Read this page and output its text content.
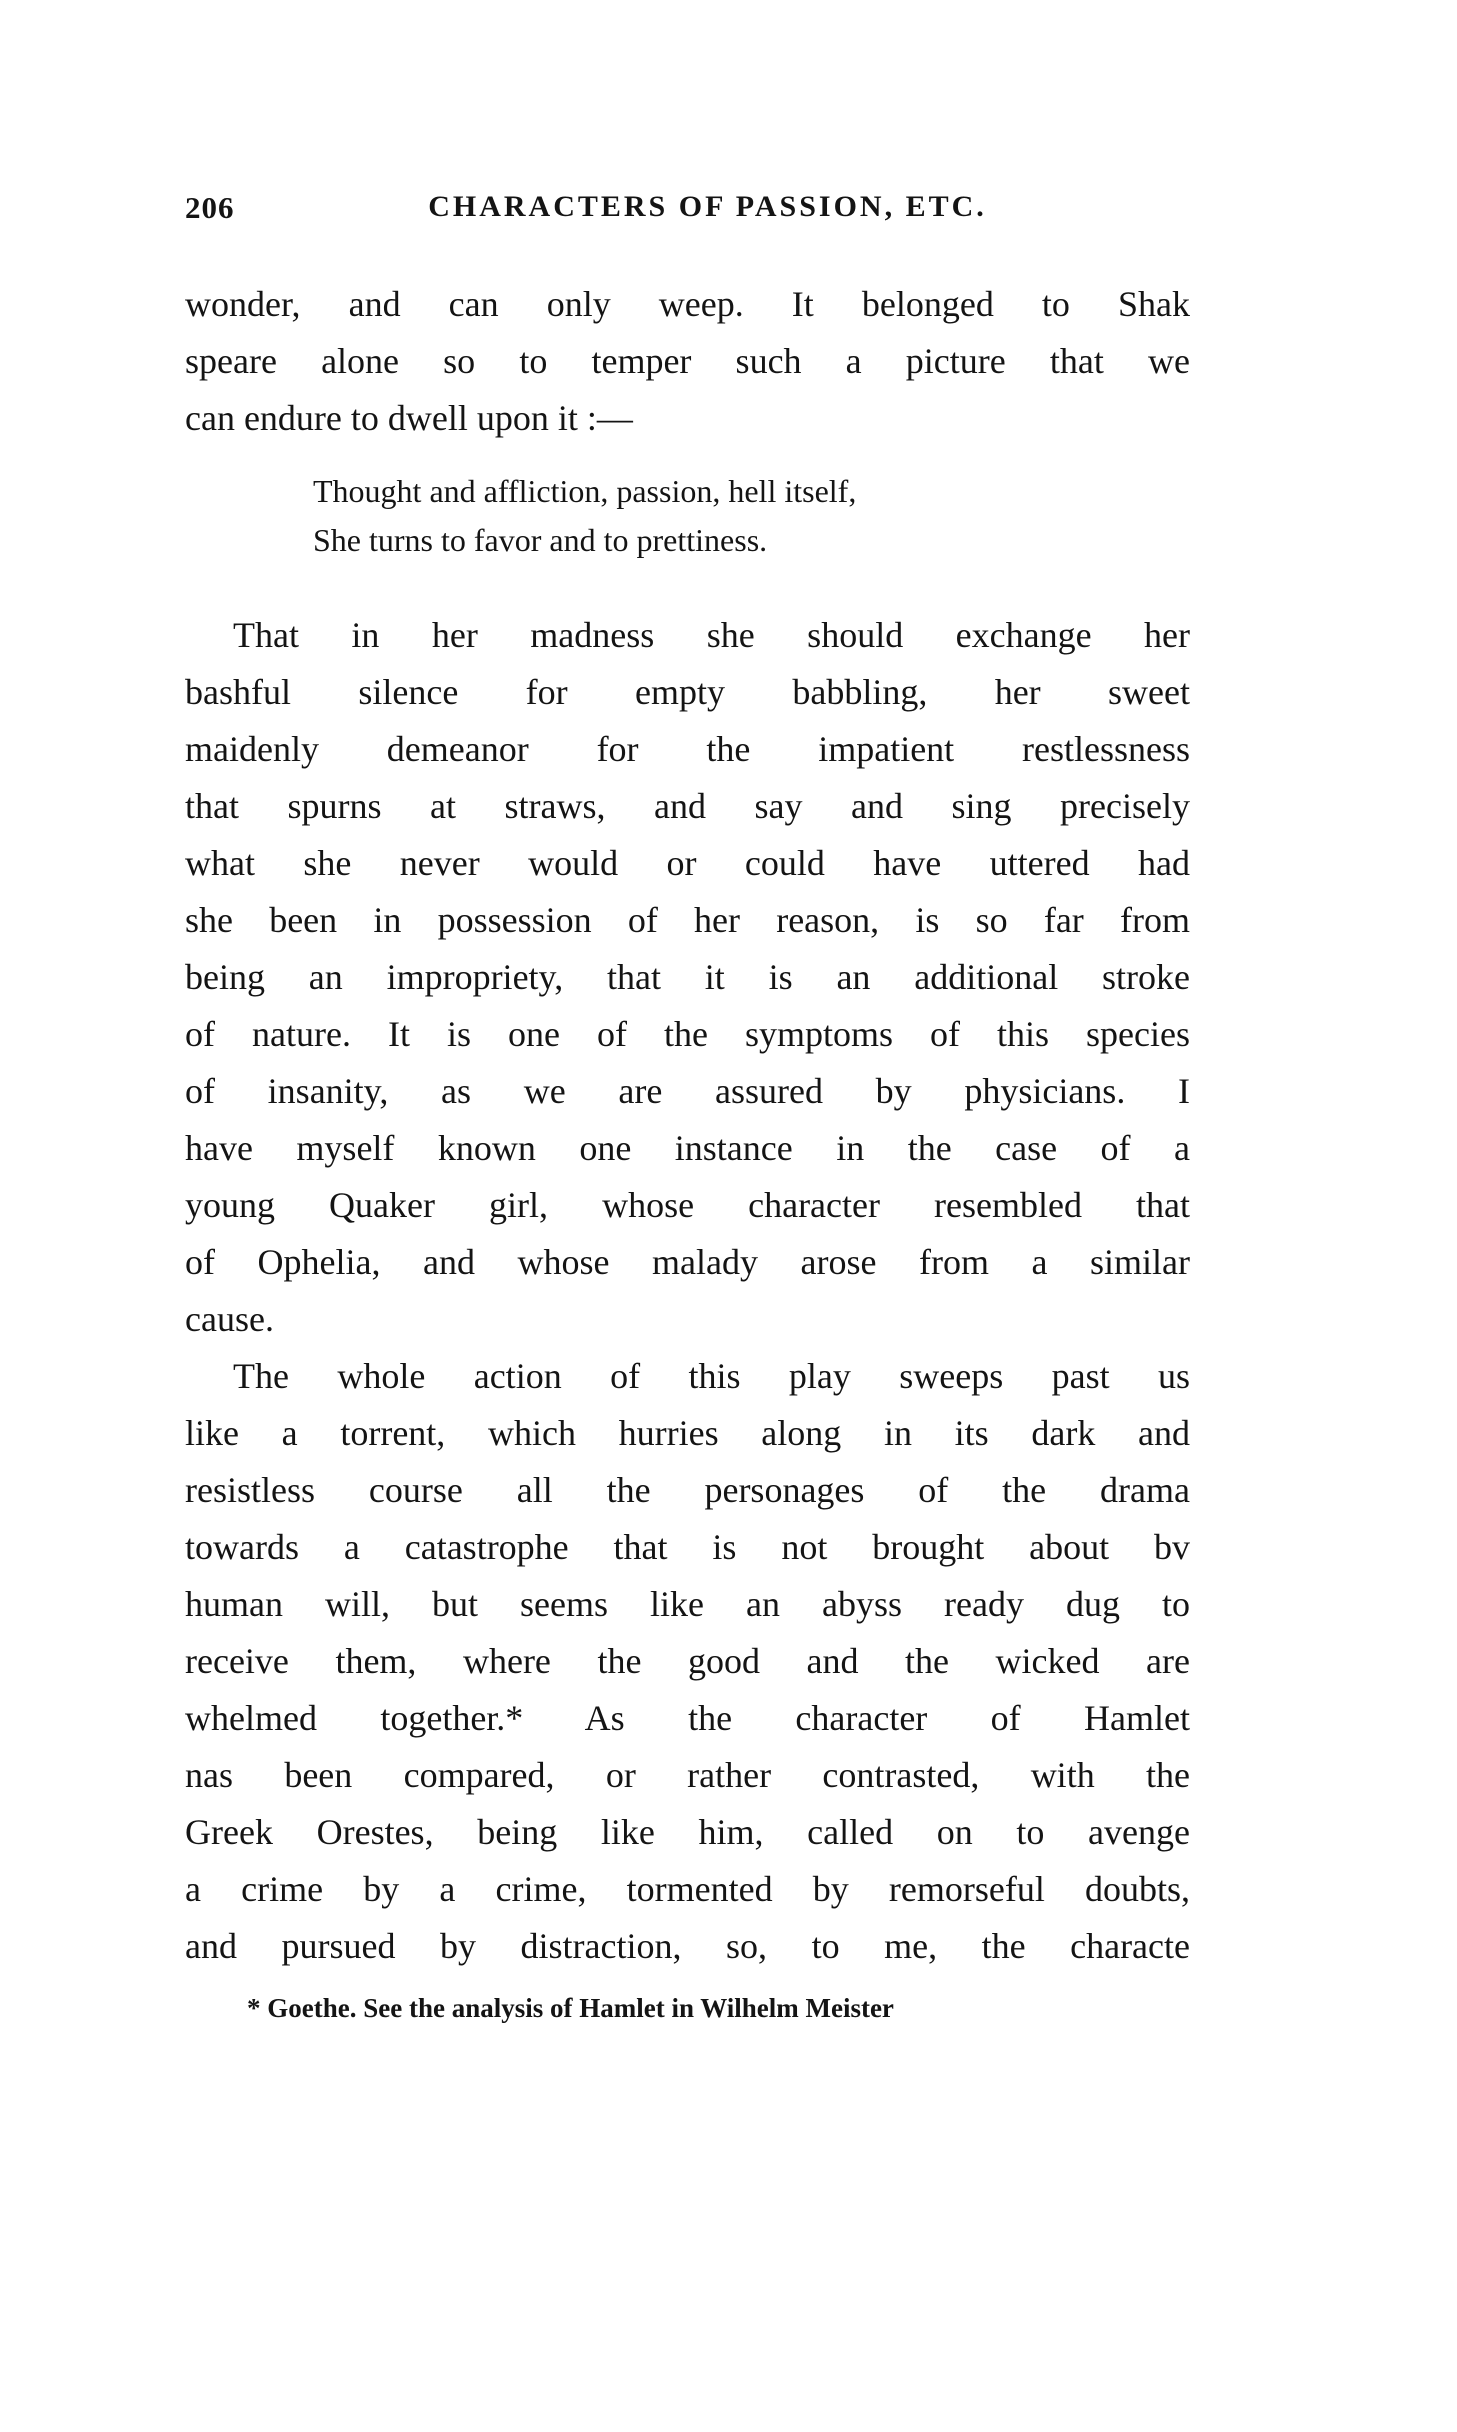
206	CHARACTERS OF PASSION, ETC.
wonder, and can only weep. It belonged to Shak
speare alone so to temper such a picture that we
can endure to dwell upon it :—
Thought and affliction, passion, hell itself,
She turns to favor and to prettiness.
That in her madness she should exchange her
bashful silence for empty babbling, her sweet
maidenly demeanor for the impatient restlessness
that spurns at straws, and say and sing precisely
what she never would or could have uttered had
she been in possession of her reason, is so far from
being an impropriety, that it is an additional stroke
of nature. It is one of the symptoms of this species
of insanity, as we are assured by physicians. I
have myself known one instance in the case of a
young Quaker girl, whose character resembled that
of Ophelia, and whose malady arose from a similar
cause.
The whole action of this play sweeps past us
like a torrent, which hurries along in its dark and
resistless course all the personages of the drama
towards a catastrophe that is not brought about bv
human will, but seems like an abyss ready dug to
receive them, where the good and the wicked are
whelmed together.* As the character of Hamlet
nas been compared, or rather contrasted, with the
Greek Orestes, being like him, called on to avenge
a crime by a crime, tormented by remorseful doubts,
and pursued by distraction, so, to me, the characte
* Goethe. See the analysis of Hamlet in Wilhelm Meister
